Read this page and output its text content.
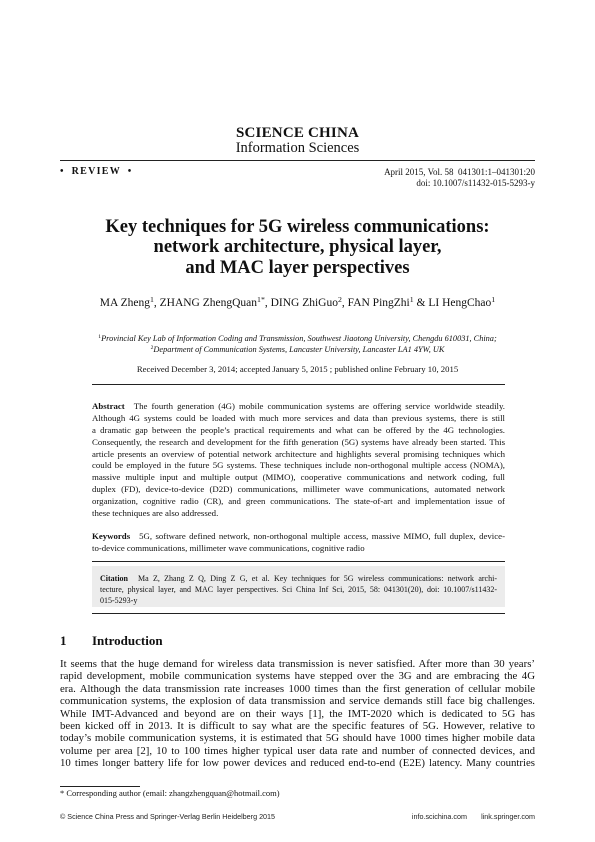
SCIENCE CHINA
Information Sciences
• REVIEW •	April 2015, Vol. 58  041301:1–041301:20
doi: 10.1007/s11432-015-5293-y
Key techniques for 5G wireless communications:
network architecture, physical layer,
and MAC layer perspectives
MA Zheng$^1$, ZHANG ZhengQuan$^{1*}$, DING ZhiGuo$^2$, FAN PingZhi$^1$ & LI HengChao$^1$
$^1$Provincial Key Lab of Information Coding and Transmission, Southwest Jiaotong University, Chengdu 610031, China;
$^2$Department of Communication Systems, Lancaster University, Lancaster LA1 4YW, UK
Received December 3, 2014; accepted January 5, 2015 ; published online February 10, 2015
Abstract The fourth generation (4G) mobile communication systems are offering service worldwide steadily.
Although 4G systems could be loaded with much more services and data than previous systems, there is still
a dramatic gap between the people’s practical requirements and what can be offered by the 4G technologies.
Consequently, the research and development for the fifth generation (5G) systems have already been started. This
article presents an overview of potential network architecture and highlights several promising techniques which
could be employed in the future 5G systems. These techniques include non-orthogonal multiple access (NOMA),
massive multiple input and multiple output (MIMO), cooperative communications and network coding, full
duplex (FD), device-to-device (D2D) communications, millimeter wave communications, automated network
organization, cognitive radio (CR), and green communications. The state-of-art and implementation issue of
these techniques are also addressed.
Keywords 5G, software defined network, non-orthogonal multiple access, massive MIMO, full duplex, device-
to-device communications, millimeter wave communications, cognitive radio
Citation Ma Z, Zhang Z Q, Ding Z G, et al. Key techniques for 5G wireless communications: network archi-
tecture, physical layer, and MAC layer perspectives. Sci China Inf Sci, 2015, 58: 041301(20), doi: 10.1007/s11432-
015-5293-y
1 Introduction
It seems that the huge demand for wireless data transmission is never satisfied. After more than 30 years’
rapid development, mobile communication systems have stepped over the 3G and are embracing the 4G
era. Although the data transmission rate increases 1000 times than the first generation of cellular mobile
communication systems, the explosion of data transmission and service demands still face big challenges.
While IMT-Advanced and beyond are on their ways [1], the IMT-2020 which is dedicated to 5G has
been kicked off in 2013. It is difficult to say what are the specific features of 5G. However, relative to
today’s mobile communication systems, it is estimated that 5G should have 1000 times higher mobile data
volume per area [2], 10 to 100 times higher typical user data rate and number of connected devices, and
10 times longer battery life for low power devices and reduced end-to-end (E2E) latency. Many countries
* Corresponding author (email: zhangzhengquan@hotmail.com)
© Science China Press and Springer-Verlag Berlin Heidelberg 2015	info.scichina.com	link.springer.com
